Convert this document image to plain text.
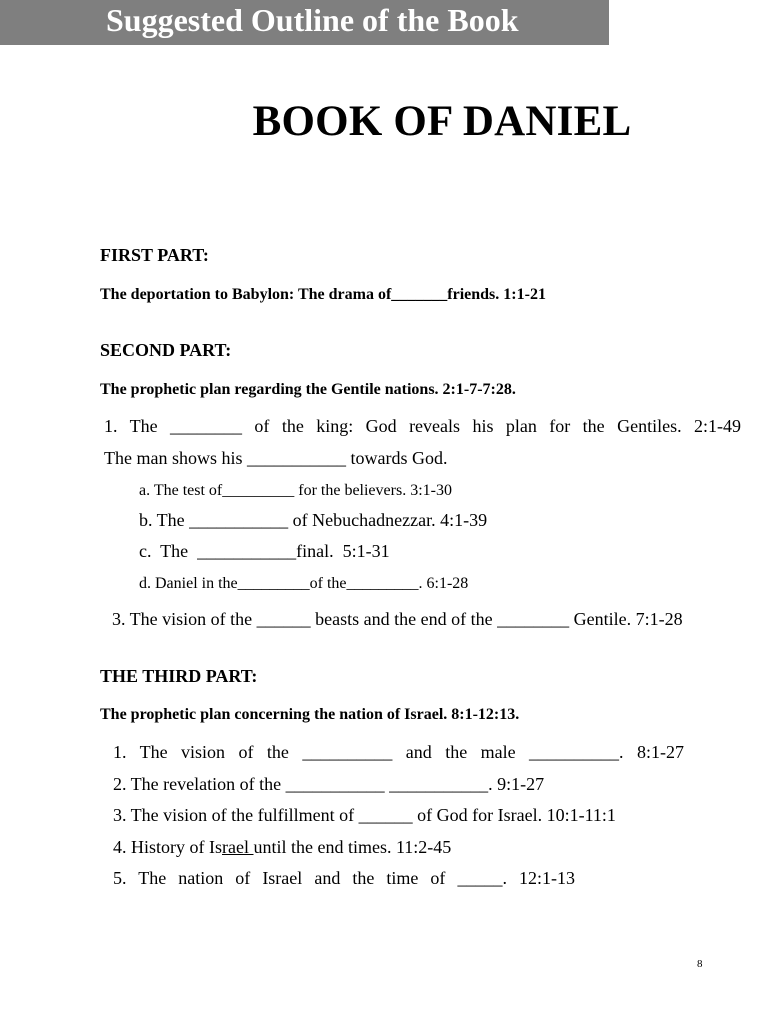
BOOK OF DANIEL
Suggested Outline of the Book
FIRST PART:
The deportation to Babylon: The drama of_______friends. 1:1-21
SECOND PART:
The prophetic plan regarding the Gentile nations. 2:1-7-7:28.
1. The ________ of the king: God reveals his plan for the Gentiles. 2:1-49
The man shows his ___________ towards God.
a. The test of_________ for the believers. 3:1-30
b. The ___________ of Nebuchadnezzar. 4:1-39
c.  The  ___________final.  5:1-31
d. Daniel in the_________of the_________. 6:1-28
3. The vision of the ______ beasts and the end of the ________ Gentile. 7:1-28
THE THIRD PART:
The prophetic plan concerning the nation of Israel. 8:1-12:13.
1. The vision of the __________ and the male __________. 8:1-27
2. The revelation of the ___________ ___________. 9:1-27
3. The vision of the fulfillment of ______ of God for Israel. 10:1-11:1
4. History of Israel until the end times. 11:2-45
5. The nation of Israel and the time of _____. 12:1-13
8
